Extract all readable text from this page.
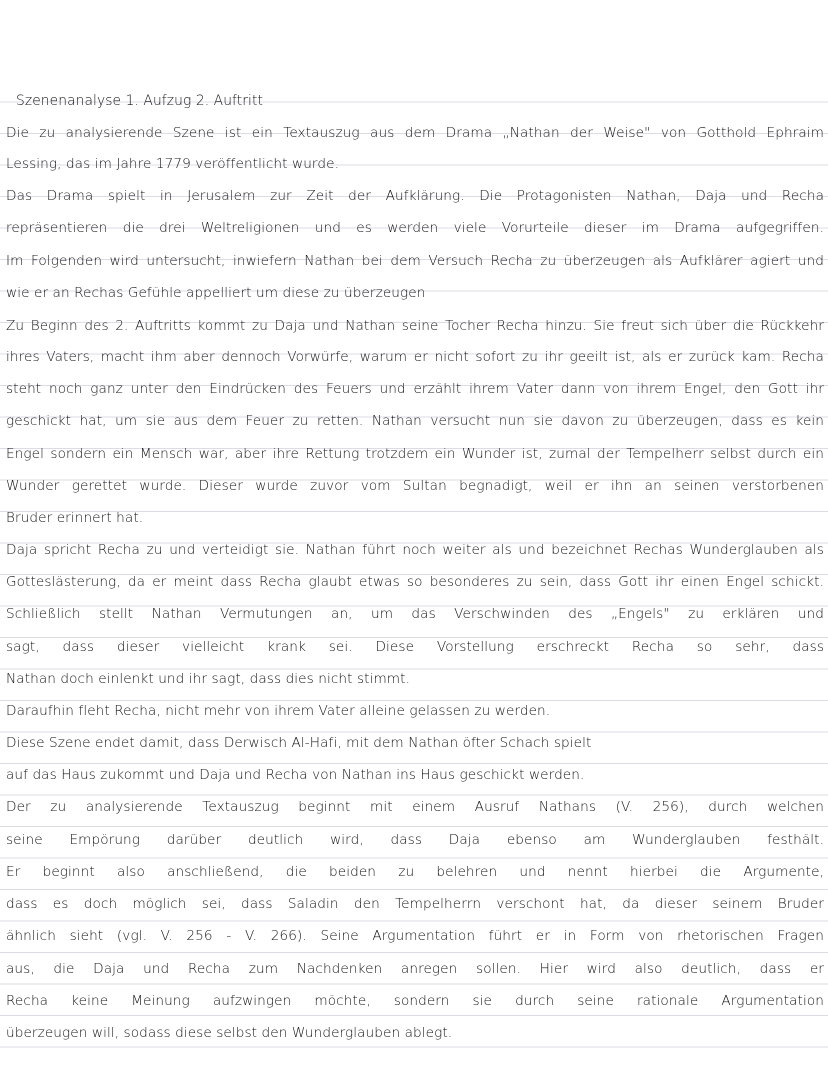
Szenenanalyse 1. Aufzug 2. Auftritt
Die zu analysierende Szene ist ein Textauszug aus dem Drama „Nathan der Weise" von Gotthold Ephraim
Lessing, das im Jahre 1779 veröffentlicht wurde.
Das Drama spielt in Jerusalem zur Zeit der Aufklärung. Die Protagonisten Nathan, Daja und Recha
repräsentieren die drei Weltreligionen und es werden viele Vorurteile dieser im Drama aufgegriffen.
Im Folgenden wird untersucht, inwiefern Nathan bei dem Versuch Recha zu überzeugen als Aufklärer agiert und
wie er an Rechas Gefühle appelliert um diese zu überzeugen
Zu Beginn des 2. Auftritts kommt zu Daja und Nathan seine Tocher Recha hinzu. Sie freut sich über die Rückkehr
ihres Vaters, macht ihm aber dennoch Vorwürfe, warum er nicht sofort zu ihr geeilt ist, als er zurück kam. Recha
steht noch ganz unter den Eindrücken des Feuers und erzählt ihrem Vater dann von ihrem Engel, den Gott ihr
geschickt hat, um sie aus dem Feuer zu retten. Nathan versucht nun sie davon zu überzeugen, dass es kein
Engel sondern ein Mensch war, aber ihre Rettung trotzdem ein Wunder ist, zumal der Tempelherr selbst durch ein
Wunder gerettet wurde. Dieser wurde zuvor vom Sultan begnadigt, weil er ihn an seinen verstorbenen
Bruder erinnert hat.
Daja spricht Recha zu und verteidigt sie. Nathan führt noch weiter als und bezeichnet Rechas Wunderglauben als
Gotteslästerung, da er meint dass Recha glaubt etwas so besonderes zu sein, dass Gott ihr einen Engel schickt.
Schließlich stellt Nathan Vermutungen an, um das Verschwinden des „Engels" zu erklären und
sagt, dass dieser vielleicht krank sei. Diese Vorstellung erschreckt Recha so sehr, dass
Nathan doch einlenkt und ihr sagt, dass dies nicht stimmt.
Daraufhin fleht Recha, nicht mehr von ihrem Vater alleine gelassen zu werden.
Diese Szene endet damit, dass Derwisch Al-Hafi, mit dem Nathan öfter Schach spielt
auf das Haus zukommt und Daja und Recha von Nathan ins Haus geschickt werden.
Der zu analysierende Textauszug beginnt mit einem Ausruf Nathans (V. 256), durch welchen
seine Empörung darüber deutlich wird, dass Daja ebenso am Wunderglauben festhält.
Er beginnt also anschließend, die beiden zu belehren und nennt hierbei die Argumente,
dass es doch möglich sei, dass Saladin den Tempelherrn verschont hat, da dieser seinem Bruder
ähnlich sieht (vgl. V. 256 - V. 266). Seine Argumentation führt er in Form von rhetorischen Fragen
aus, die Daja und Recha zum Nachdenken anregen sollen. Hier wird also deutlich, dass er
Recha keine Meinung aufzwingen möchte, sondern sie durch seine rationale Argumentation
überzeugen will, sodass diese selbst den Wunderglauben ablegt.
